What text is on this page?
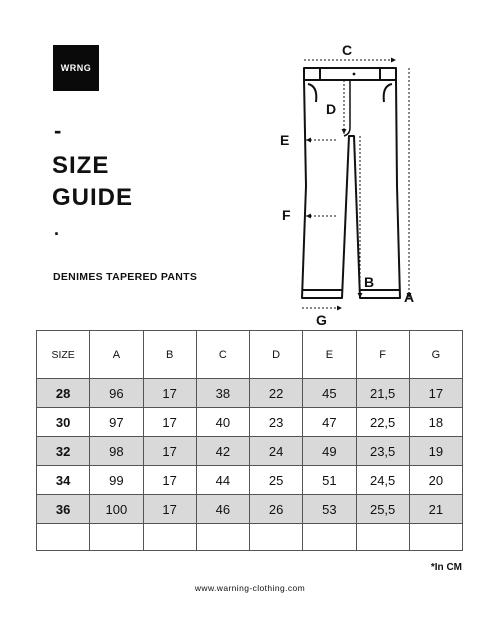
WRNG
-
SIZE
GUIDE
.
DENIMES TAPERED PANTS
C
D
E
F
B
A
G
SIZE	A	B	C	D	E	F	G
28	96	17	38	22	45	21,5	17
30	97	17	40	23	47	22,5	18
32	98	17	42	24	49	23,5	19
34	99	17	44	25	51	24,5	20
36	100	17	46	26	53	25,5	21

*In CM
www.warning-clothing.com
